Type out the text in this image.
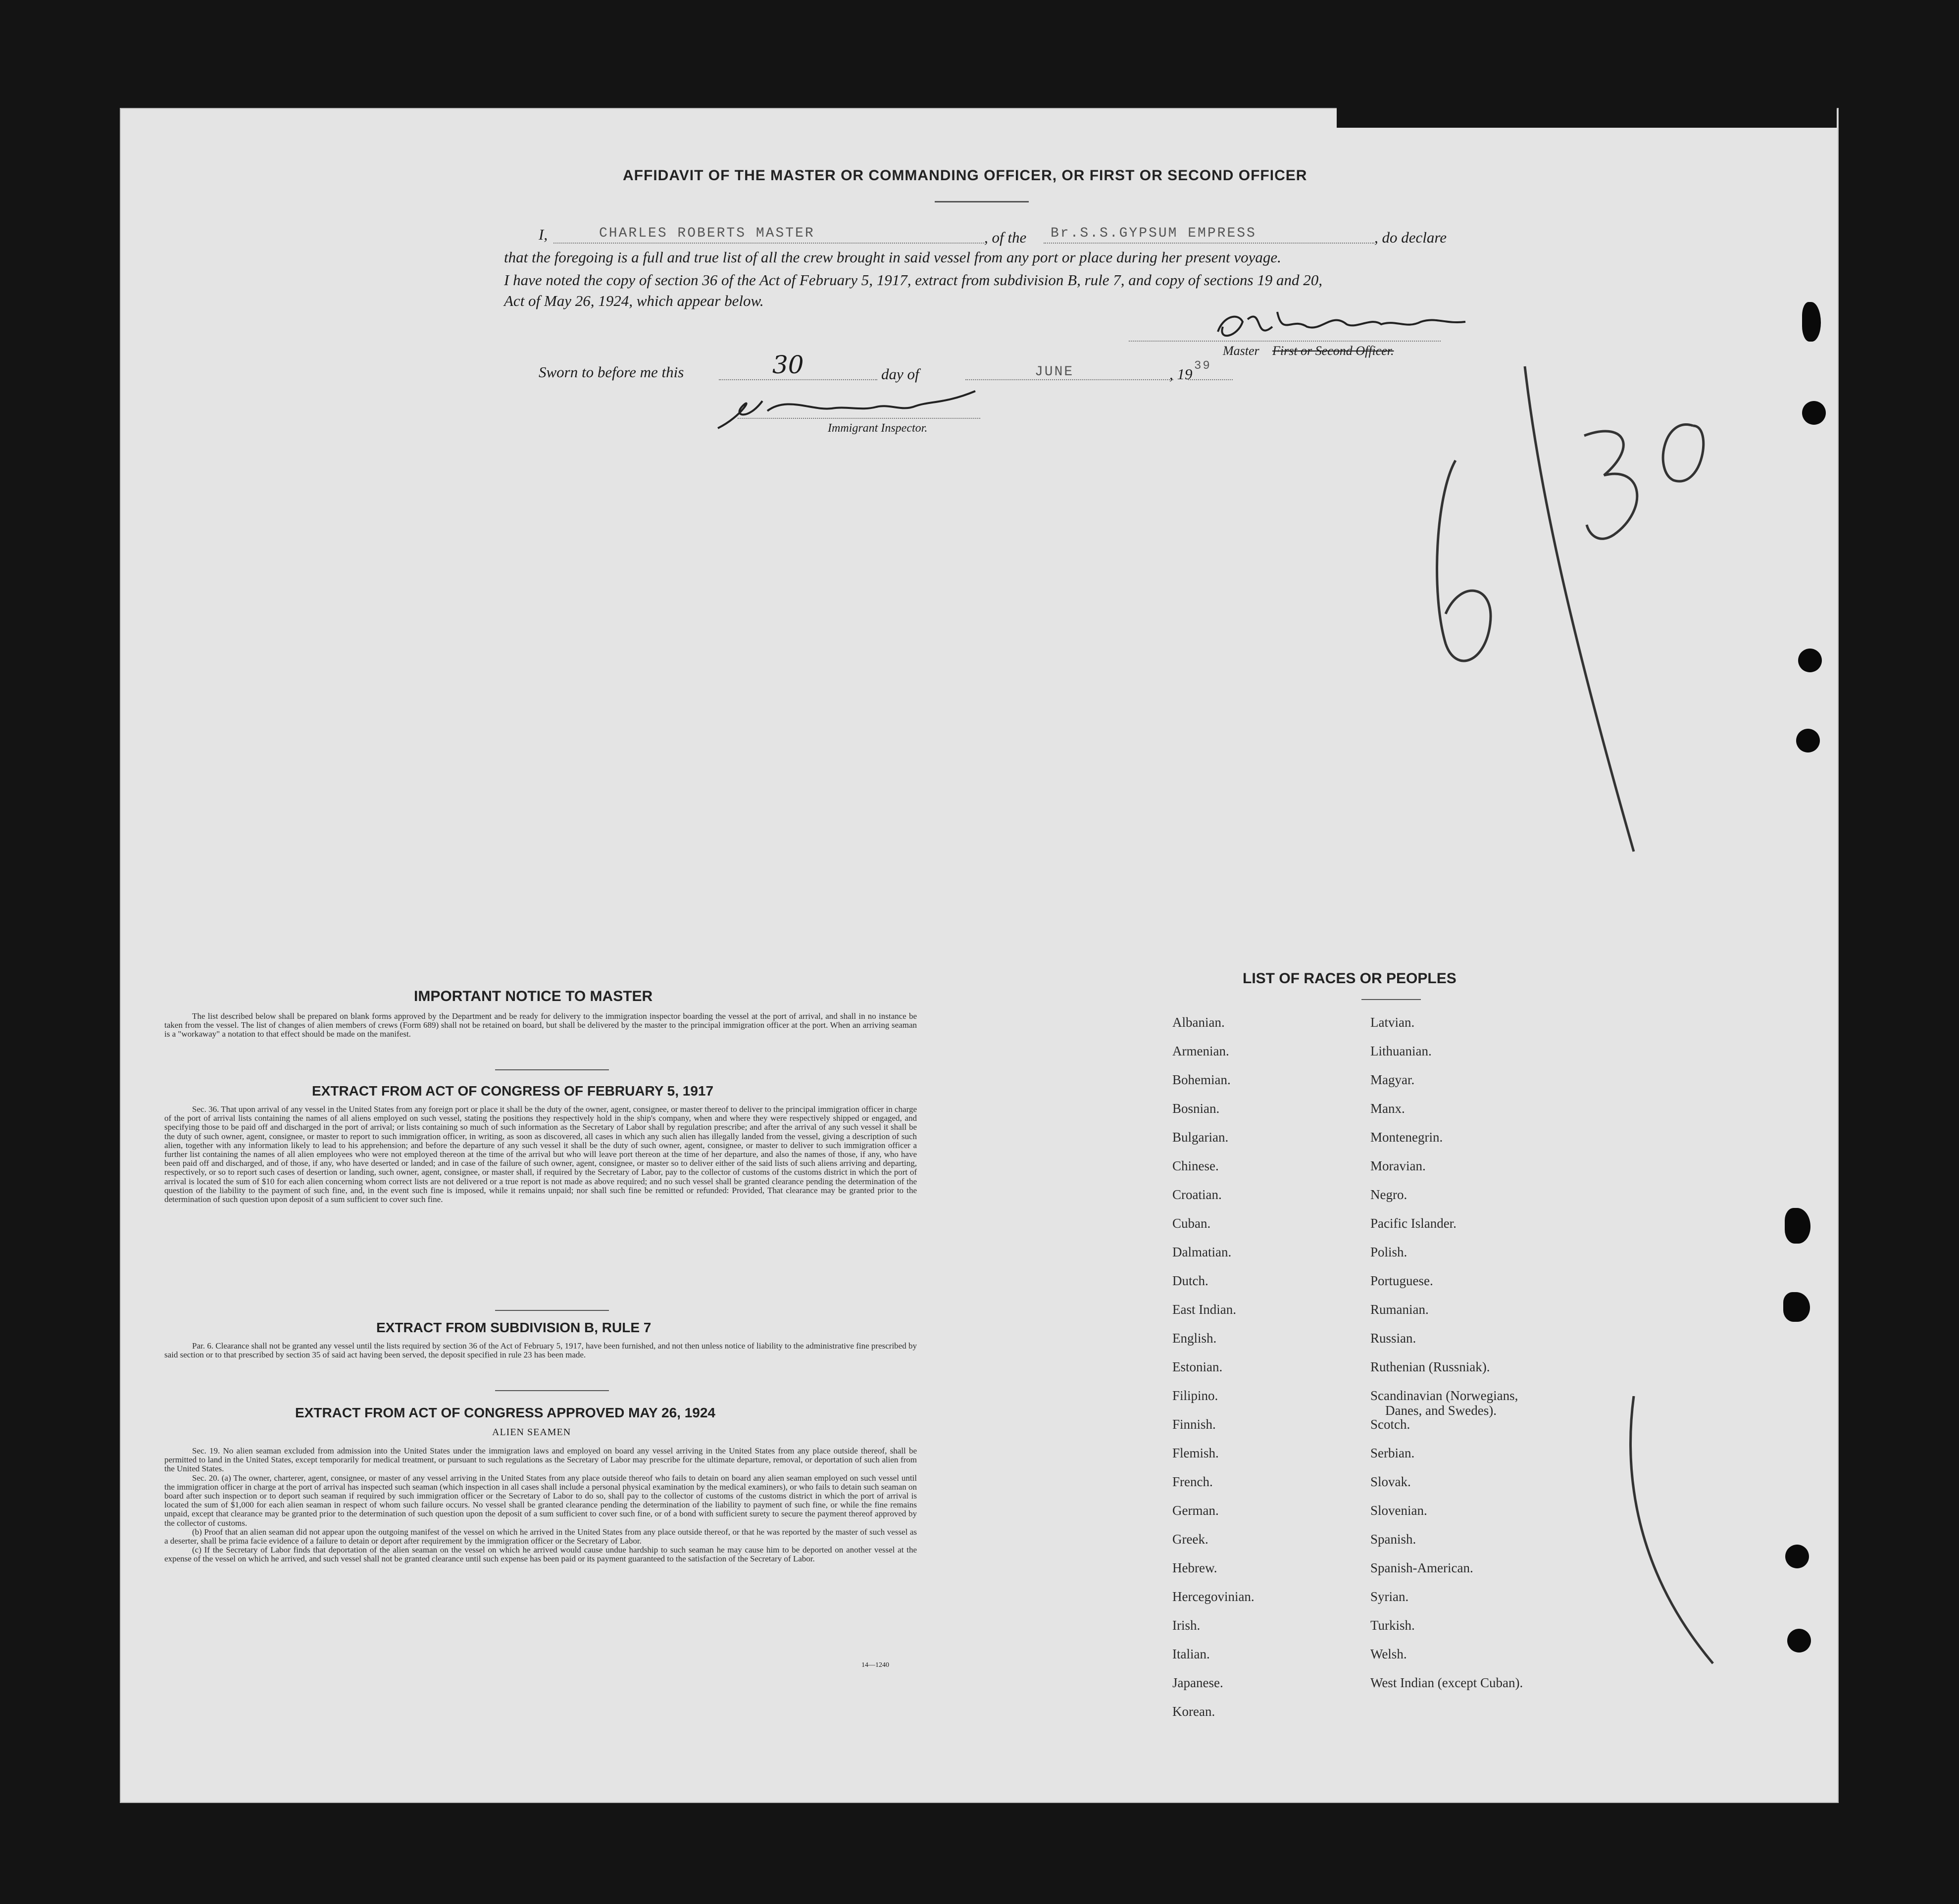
AFFIDAVIT OF THE MASTER OR COMMANDING OFFICER, OR FIRST OR SECOND OFFICER
I,	CHARLES ROBERTS MASTER	, of the Br.S.S.GYPSUM EMPRESS	, do declare
that the foregoing is a full and true list of all the crew brought in said vessel from any port or place during her present voyage.
I have noted the copy of section 36 of the Act of February 5, 1917, extract from subdivision B, rule 7, and copy of sections 19 and 20,
Act of May 26, 1924, which appear below.
Master First or Second Officer.
Sworn to before me this	30	day of	JUNE	, 19 39
Immigrant Inspector.
IMPORTANT NOTICE TO MASTER
The list described below shall be prepared on blank forms approved by the Department and be ready for delivery to the immigration inspector boarding the vessel at the port of arrival, and shall in no instance be taken from the vessel. The list of changes of alien members of crews (Form 689) shall not be retained on board, but shall be delivered by the master to the principal immigration officer at the port. When an arriving seaman is a "workaway" a notation to that effect should be made on the manifest.
EXTRACT FROM ACT OF CONGRESS OF FEBRUARY 5, 1917
Sec. 36. That upon arrival of any vessel in the United States from any foreign port or place it shall be the duty of the owner, agent, consignee, or master thereof to deliver to the principal immigration officer in charge of the port of arrival lists containing the names of all aliens employed on such vessel, stating the positions they respectively hold in the ship's company, when and where they were respectively shipped or engaged, and specifying those to be paid off and discharged in the port of arrival; or lists containing so much of such information as the Secretary of Labor shall by regulation prescribe; and after the arrival of any such vessel it shall be the duty of such owner, agent, consignee, or master to report to such immigration officer, in writing, as soon as discovered, all cases in which any such alien has illegally landed from the vessel, giving a description of such alien, together with any information likely to lead to his apprehension; and before the departure of any such vessel it shall be the duty of such owner, agent, consignee, or master to deliver to such immigration officer a further list containing the names of all alien employees who were not employed thereon at the time of the arrival but who will leave port thereon at the time of her departure, and also the names of those, if any, who have been paid off and discharged, and of those, if any, who have deserted or landed; and in case of the failure of such owner, agent, consignee, or master so to deliver either of the said lists of such aliens arriving and departing, respectively, or so to report such cases of desertion or landing, such owner, agent, consignee, or master shall, if required by the Secretary of Labor, pay to the collector of customs of the customs district in which the port of arrival is located the sum of $10 for each alien concerning whom correct lists are not delivered or a true report is not made as above required; and no such vessel shall be granted clearance pending the determination of the question of the liability to the payment of such fine, and, in the event such fine is imposed, while it remains unpaid; nor shall such fine be remitted or refunded: Provided, That clearance may be granted prior to the determination of such question upon deposit of a sum sufficient to cover such fine.
EXTRACT FROM SUBDIVISION B, RULE 7
Par. 6. Clearance shall not be granted any vessel until the lists required by section 36 of the Act of February 5, 1917, have been furnished, and not then unless notice of liability to the administrative fine prescribed by said section or to that prescribed by section 35 of said act having been served, the deposit specified in rule 23 has been made.
EXTRACT FROM ACT OF CONGRESS APPROVED MAY 26, 1924
ALIEN SEAMEN
Sec. 19. No alien seaman excluded from admission into the United States under the immigration laws and employed on board any vessel arriving in the United States from any place outside thereof, shall be permitted to land in the United States, except temporarily for medical treatment, or pursuant to such regulations as the Secretary of Labor may prescribe for the ultimate departure, removal, or deportation of such alien from the United States.
Sec. 20. (a) The owner, charterer, agent, consignee, or master of any vessel arriving in the United States from any place outside thereof who fails to detain on board any alien seaman employed on such vessel until the immigration officer in charge at the port of arrival has inspected such seaman (which inspection in all cases shall include a personal physical examination by the medical examiners), or who fails to detain such seaman on board after such inspection or to deport such seaman if required by such immigration officer or the Secretary of Labor to do so, shall pay to the collector of customs of the customs district in which the port of arrival is located the sum of $1,000 for each alien seaman in respect of whom such failure occurs. No vessel shall be granted clearance pending the determination of the liability to payment of such fine, or while the fine remains unpaid, except that clearance may be granted prior to the determination of such question upon the deposit of a sum sufficient to cover such fine, or of a bond with sufficient surety to secure the payment thereof approved by the collector of customs.
(b) Proof that an alien seaman did not appear upon the outgoing manifest of the vessel on which he arrived in the United States from any place outside thereof, or that he was reported by the master of such vessel as a deserter, shall be prima facie evidence of a failure to detain or deport after requirement by the immigration officer or the Secretary of Labor.
(c) If the Secretary of Labor finds that deportation of the alien seaman on the vessel on which he arrived would cause undue hardship to such seaman he may cause him to be deported on another vessel at the expense of the vessel on which he arrived, and such vessel shall not be granted clearance until such expense has been paid or its payment guaranteed to the satisfaction of the Secretary of Labor.
14—1240
LIST OF RACES OR PEOPLES
Albanian.
Armenian.
Bohemian.
Bosnian.
Bulgarian.
Chinese.
Croatian.
Cuban.
Dalmatian.
Dutch.
East Indian.
English.
Estonian.
Filipino.
Finnish.
Flemish.
French.
German.
Greek.
Hebrew.
Hercegovinian.
Irish.
Italian.
Japanese.
Korean.
Latvian.
Lithuanian.
Magyar.
Manx.
Montenegrin.
Moravian.
Negro.
Pacific Islander.
Polish.
Portuguese.
Rumanian.
Russian.
Ruthenian (Russniak).
Scandinavian (Norwegians,
Danes, and Swedes).
Scotch.
Serbian.
Slovak.
Slovenian.
Spanish.
Spanish-American.
Syrian.
Turkish.
Welsh.
West Indian (except Cuban).
